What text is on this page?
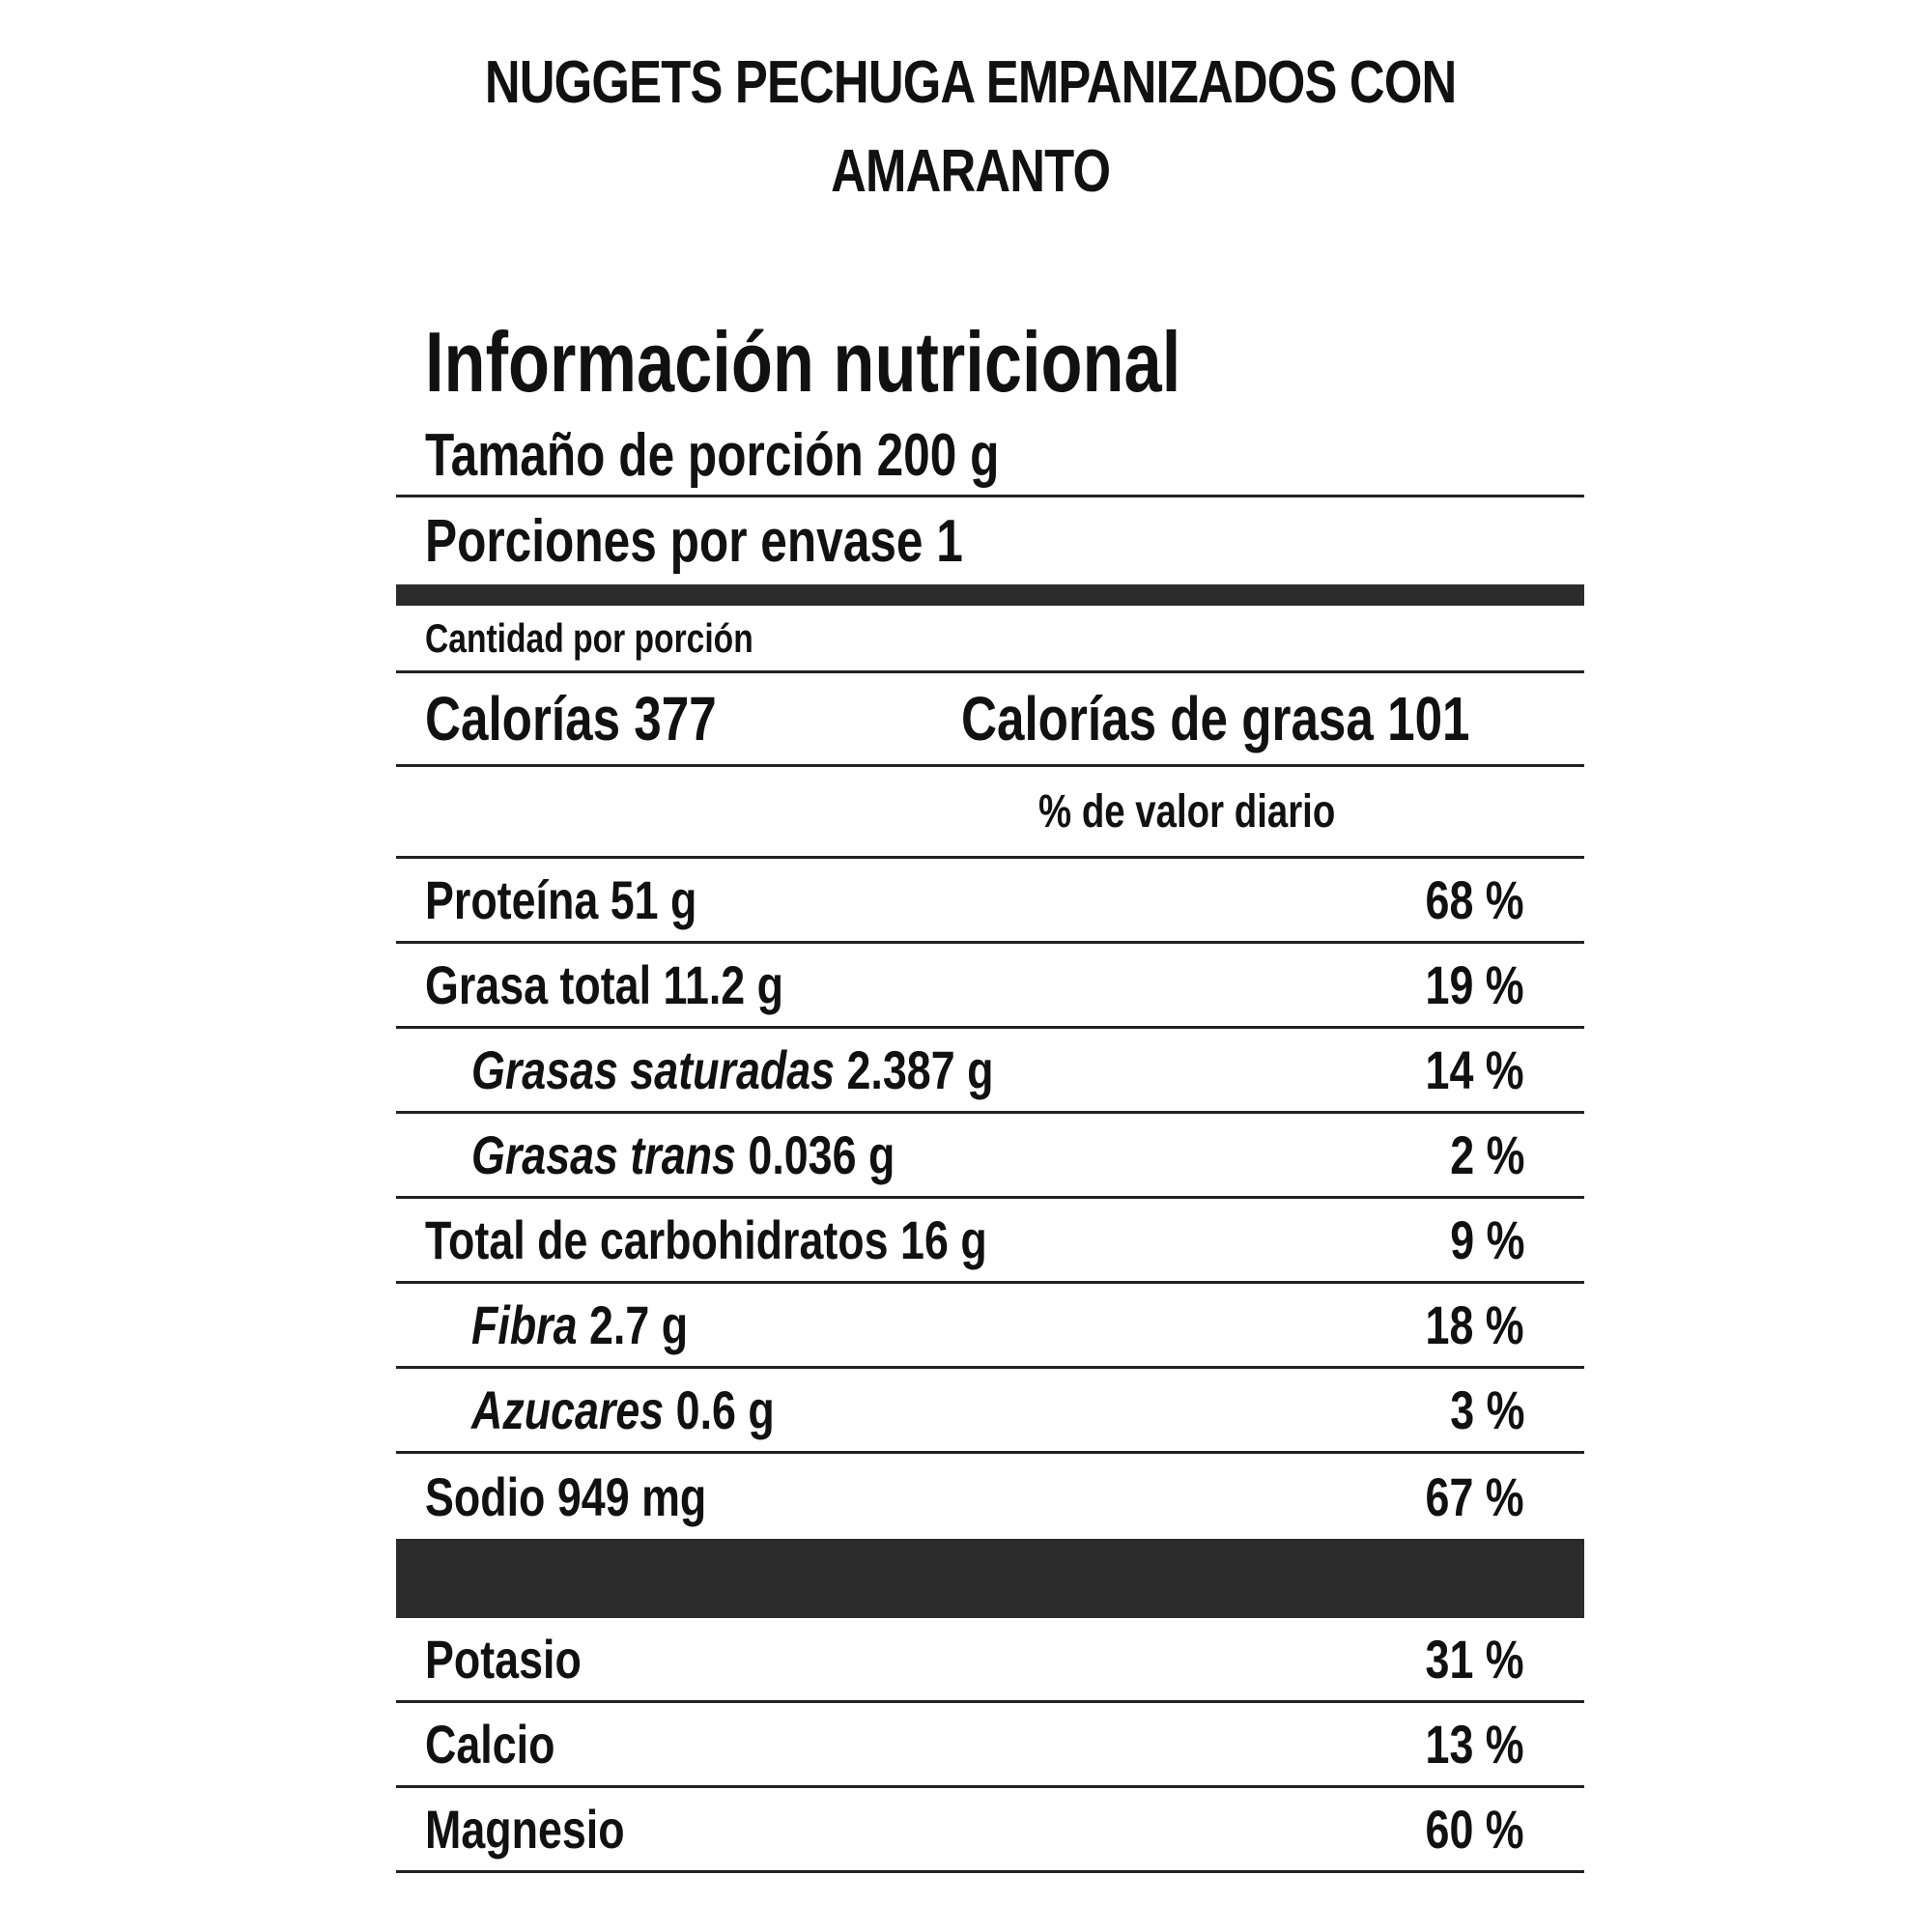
NUGGETS PECHUGA EMPANIZADOS CON
AMARANTO
Información nutricional
Tamaño de porción 200 g
Porciones por envase 1
Cantidad por porción
Calorías 377	Calorías de grasa 101
% de valor diario
Proteína 51 g	68 %
Grasa total 11.2 g	19 %
Grasas saturadas 2.387 g	14 %
Grasas trans 0.036 g	2 %
Total de carbohidratos 16 g	9 %
Fibra 2.7 g	18 %
Azucares 0.6 g	3 %
Sodio 949 mg	67 %
Potasio	31 %
Calcio	13 %
Magnesio	60 %
